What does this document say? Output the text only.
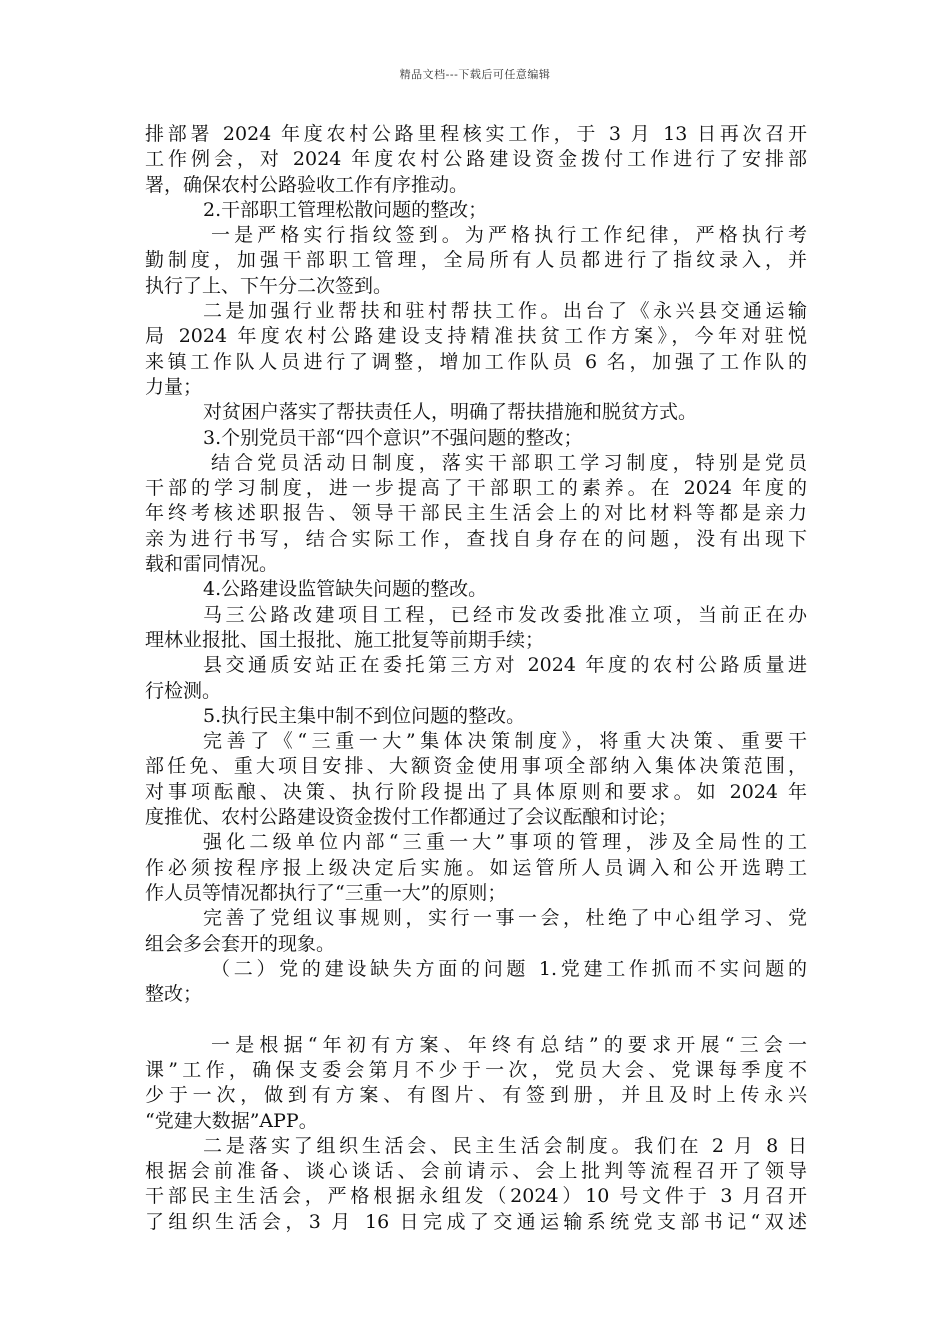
精品文档---下载后可任意编辑
排部署 2024 年度农村公路里程核实工作，于 3 月 13 日再次召开
工作例会，对 2024 年度农村公路建设资金拨付工作进行了安排部
署，确保农村公路验收工作有序推动。
2.干部职工管理松散问题的整改；
一是严格实行指纹签到。为严格执行工作纪律，严格执行考
勤制度，加强干部职工管理，全局所有人员都进行了指纹录入，并
执行了上、下午分二次签到。
二是加强行业帮扶和驻村帮扶工作。出台了《永兴县交通运输
局 2024 年度农村公路建设支持精准扶贫工作方案》，今年对驻悦
来镇工作队人员进行了调整，增加工作队员 6 名，加强了工作队的
力量；
对贫困户落实了帮扶责任人，明确了帮扶措施和脱贫方式。
3.个别党员干部“四个意识”不强问题的整改；
结合党员活动日制度，落实干部职工学习制度，特别是党员
干部的学习制度，进一步提高了干部职工的素养。在 2024 年度的
年终考核述职报告、领导干部民主生活会上的对比材料等都是亲力
亲为进行书写，结合实际工作，查找自身存在的问题，没有出现下
载和雷同情况。
4.公路建设监管缺失问题的整改。
马三公路改建项目工程，已经市发改委批准立项，当前正在办
理林业报批、国土报批、施工批复等前期手续；
县交通质安站正在委托第三方对 2024 年度的农村公路质量进
行检测。
5.执行民主集中制不到位问题的整改。
完善了《“三重一大”集体决策制度》，将重大决策、重要干
部任免、重大项目安排、大额资金使用事项全部纳入集体决策范围，
对事项酝酿、决策、执行阶段提出了具体原则和要求。如 2024 年
度推优、农村公路建设资金拨付工作都通过了会议酝酿和讨论；
强化二级单位内部“三重一大”事项的管理，涉及全局性的工
作必须按程序报上级决定后实施。如运管所人员调入和公开选聘工
作人员等情况都执行了“三重一大”的原则；
完善了党组议事规则，实行一事一会，杜绝了中心组学习、党
组会多会套开的现象。
（二）党的建设缺失方面的问题 1.党建工作抓而不实问题的
整改；
一是根据“年初有方案、年终有总结”的要求开展“三会一
课”工作，确保支委会第月不少于一次，党员大会、党课每季度不
少于一次，做到有方案、有图片、有签到册，并且及时上传永兴
“党建大数据”APP。
二是落实了组织生活会、民主生活会制度。我们在 2 月 8 日
根据会前准备、谈心谈话、会前请示、会上批判等流程召开了领导
干部民主生活会，严格根据永组发（2024）10 号文件于 3 月召开
了组织生活会，3 月 16 日完成了交通运输系统党支部书记“双述
